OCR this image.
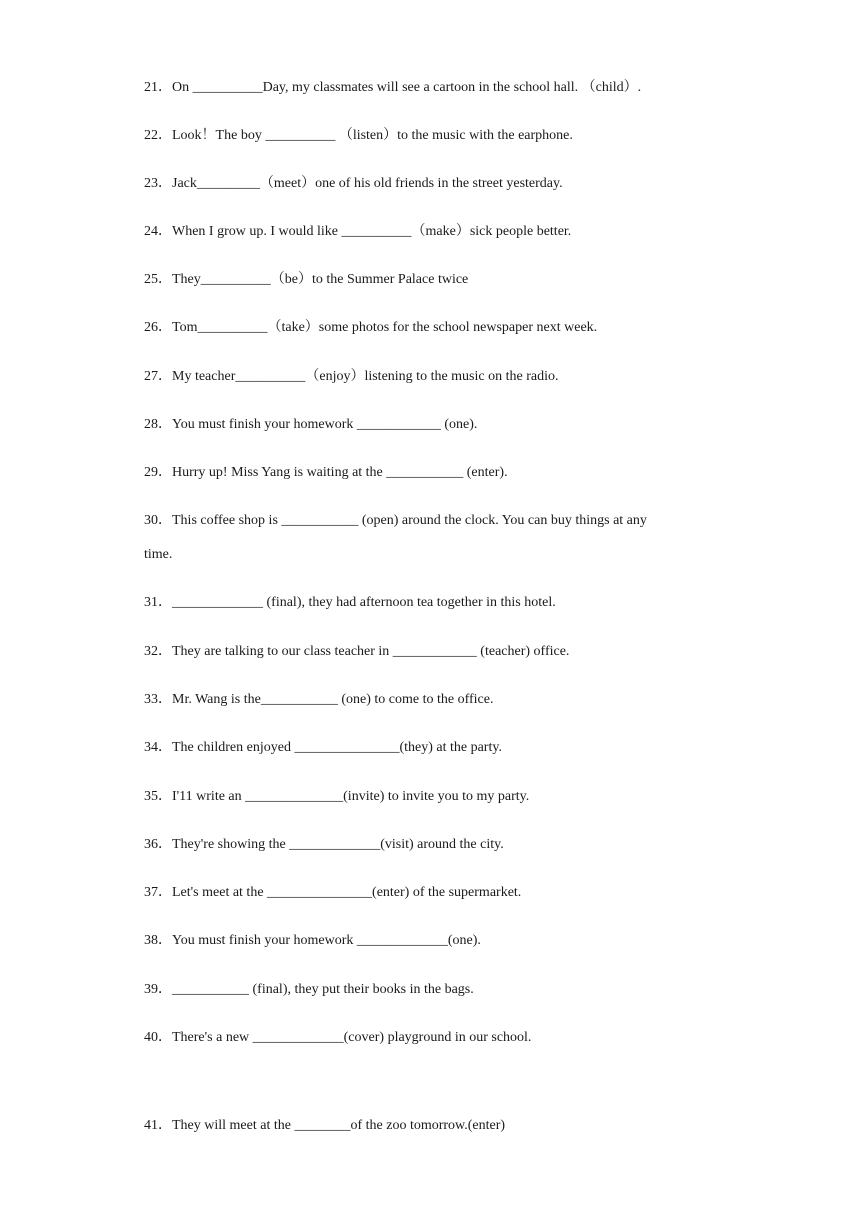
21．On __________Day, my classmates will see a cartoon in the school hall. （child）.
22．Look！The boy __________ （listen）to the music with the earphone.
23．Jack_________（meet）one of his old friends in the street yesterday.
24．When I grow up. I would like __________（make）sick people better.
25．They__________（be）to the Summer Palace twice
26．Tom__________（take）some photos for the school newspaper next week.
27．My teacher__________（enjoy）listening to the music on the radio.
28．You must finish your homework ____________ (one).
29．Hurry up! Miss Yang is waiting at the ___________ (enter).
30．This coffee shop is ___________ (open) around the clock. You can buy things at any
time.
31．_____________ (final), they had afternoon tea together in this hotel.
32．They are talking to our class teacher in ____________ (teacher) office.
33．Mr. Wang is the___________ (one) to come to the office.
34．The children enjoyed _______________(they) at the party.
35．I'11 write an ______________(invite) to invite you to my party.
36．They're showing the _____________(visit) around the city.
37．Let's meet at the _______________(enter) of the supermarket.
38．You must finish your homework _____________(one).
39．___________ (final), they put their books in the bags.
40．There's a new _____________(cover) playground in our school.
41．They will meet at the ________of the zoo tomorrow.(enter)
